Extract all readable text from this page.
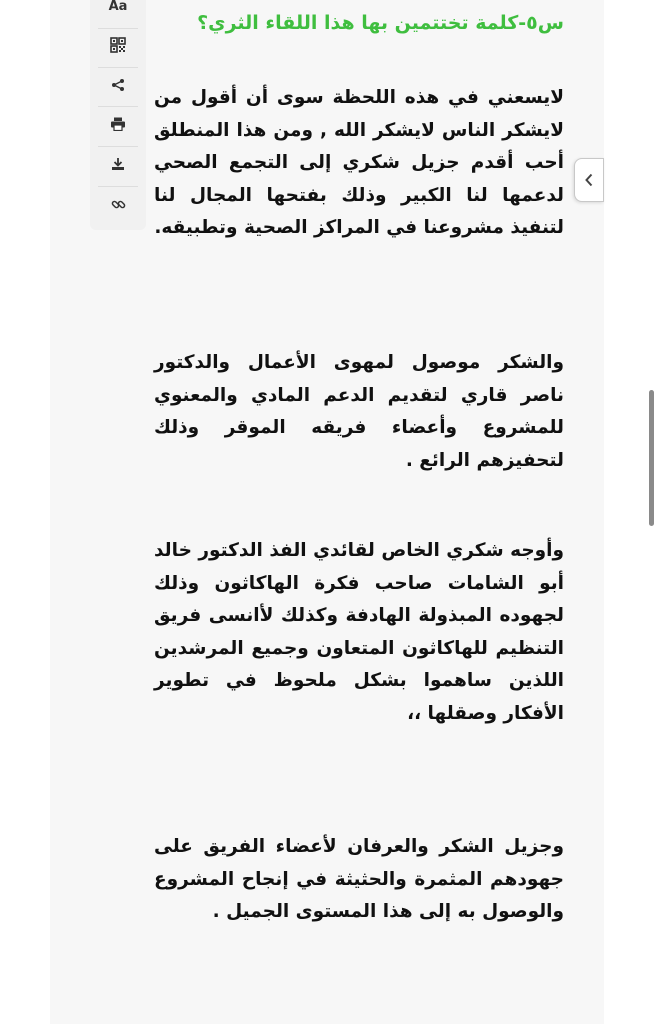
Aa
س٥-كلمة تختتمين بها هذا اللقاء الثري؟
لايسعني في هذه اللحظة سوى أن أقول من لايشكر الناس لايشكر الله , ومن هذا المنطلق أحب أقدم جزيل شكري إلى التجمع الصحي لدعمها لنا الكبير وذلك بفتحها المجال لنا لتنفيذ مشروعنا في المراكز الصحية وتطبيقه.
والشكر موصول لمهوى الأعمال والدكتور ناصر قاري لتقديم الدعم المادي والمعنوي للمشروع وأعضاء فريقه الموقر وذلك لتحفيزهم الرائع .
وأوجه شكري الخاص لقائدي الفذ الدكتور خالد أبو الشامات صاحب فكرة الهاكاثون وذلك لجهوده المبذولة الهادفة وكذلك لأانسى فريق التنظيم للهاكاثون المتعاون وجميع المرشدين اللذين ساهموا بشكل ملحوظ في تطوير الأفكار وصقلها ،،
وجزيل الشكر والعرفان لأعضاء الفريق على جهودهم المثمرة والحثيثة في إنجاح المشروع والوصول به إلى هذا المستوى الجميل .
